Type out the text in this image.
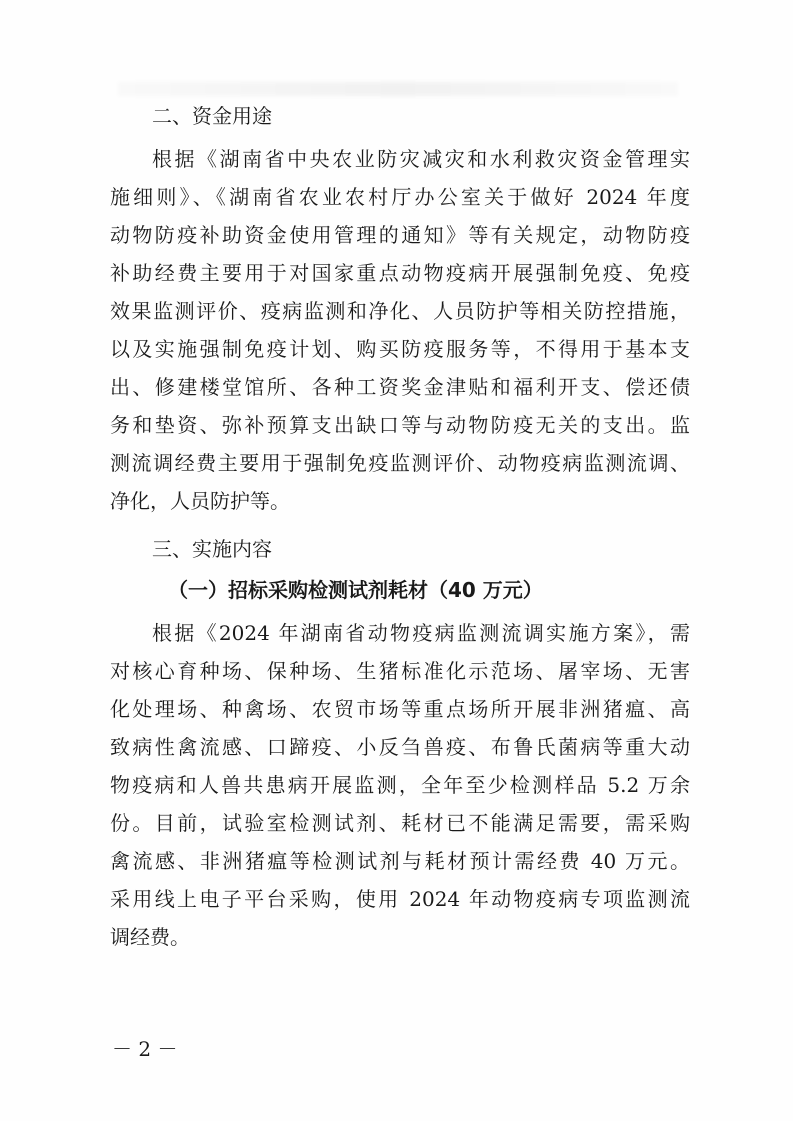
二、资金用途
根据《湖南省中央农业防灾减灾和水利救灾资金管理实
施细则》、《湖南省农业农村厅办公室关于做好 2024 年度
动物防疫补助资金使用管理的通知》等有关规定，动物防疫
补助经费主要用于对国家重点动物疫病开展强制免疫、免疫
效果监测评价、疫病监测和净化、人员防护等相关防控措施，
以及实施强制免疫计划、购买防疫服务等，不得用于基本支
出、修建楼堂馆所、各种工资奖金津贴和福利开支、偿还债
务和垫资、弥补预算支出缺口等与动物防疫无关的支出。监
测流调经费主要用于强制免疫监测评价、动物疫病监测流调、
净化，人员防护等。
三、实施内容
（一）招标采购检测试剂耗材（40 万元）
根据《2024 年湖南省动物疫病监测流调实施方案》，需
对核心育种场、保种场、生猪标准化示范场、屠宰场、无害
化处理场、种禽场、农贸市场等重点场所开展非洲猪瘟、高
致病性禽流感、口蹄疫、小反刍兽疫、布鲁氏菌病等重大动
物疫病和人兽共患病开展监测，全年至少检测样品 5.2 万余
份。目前，试验室检测试剂、耗材已不能满足需要，需采购
禽流感、非洲猪瘟等检测试剂与耗材预计需经费 40 万元。
采用线上电子平台采购，使用 2024 年动物疫病专项监测流
调经费。
－ 2 －
